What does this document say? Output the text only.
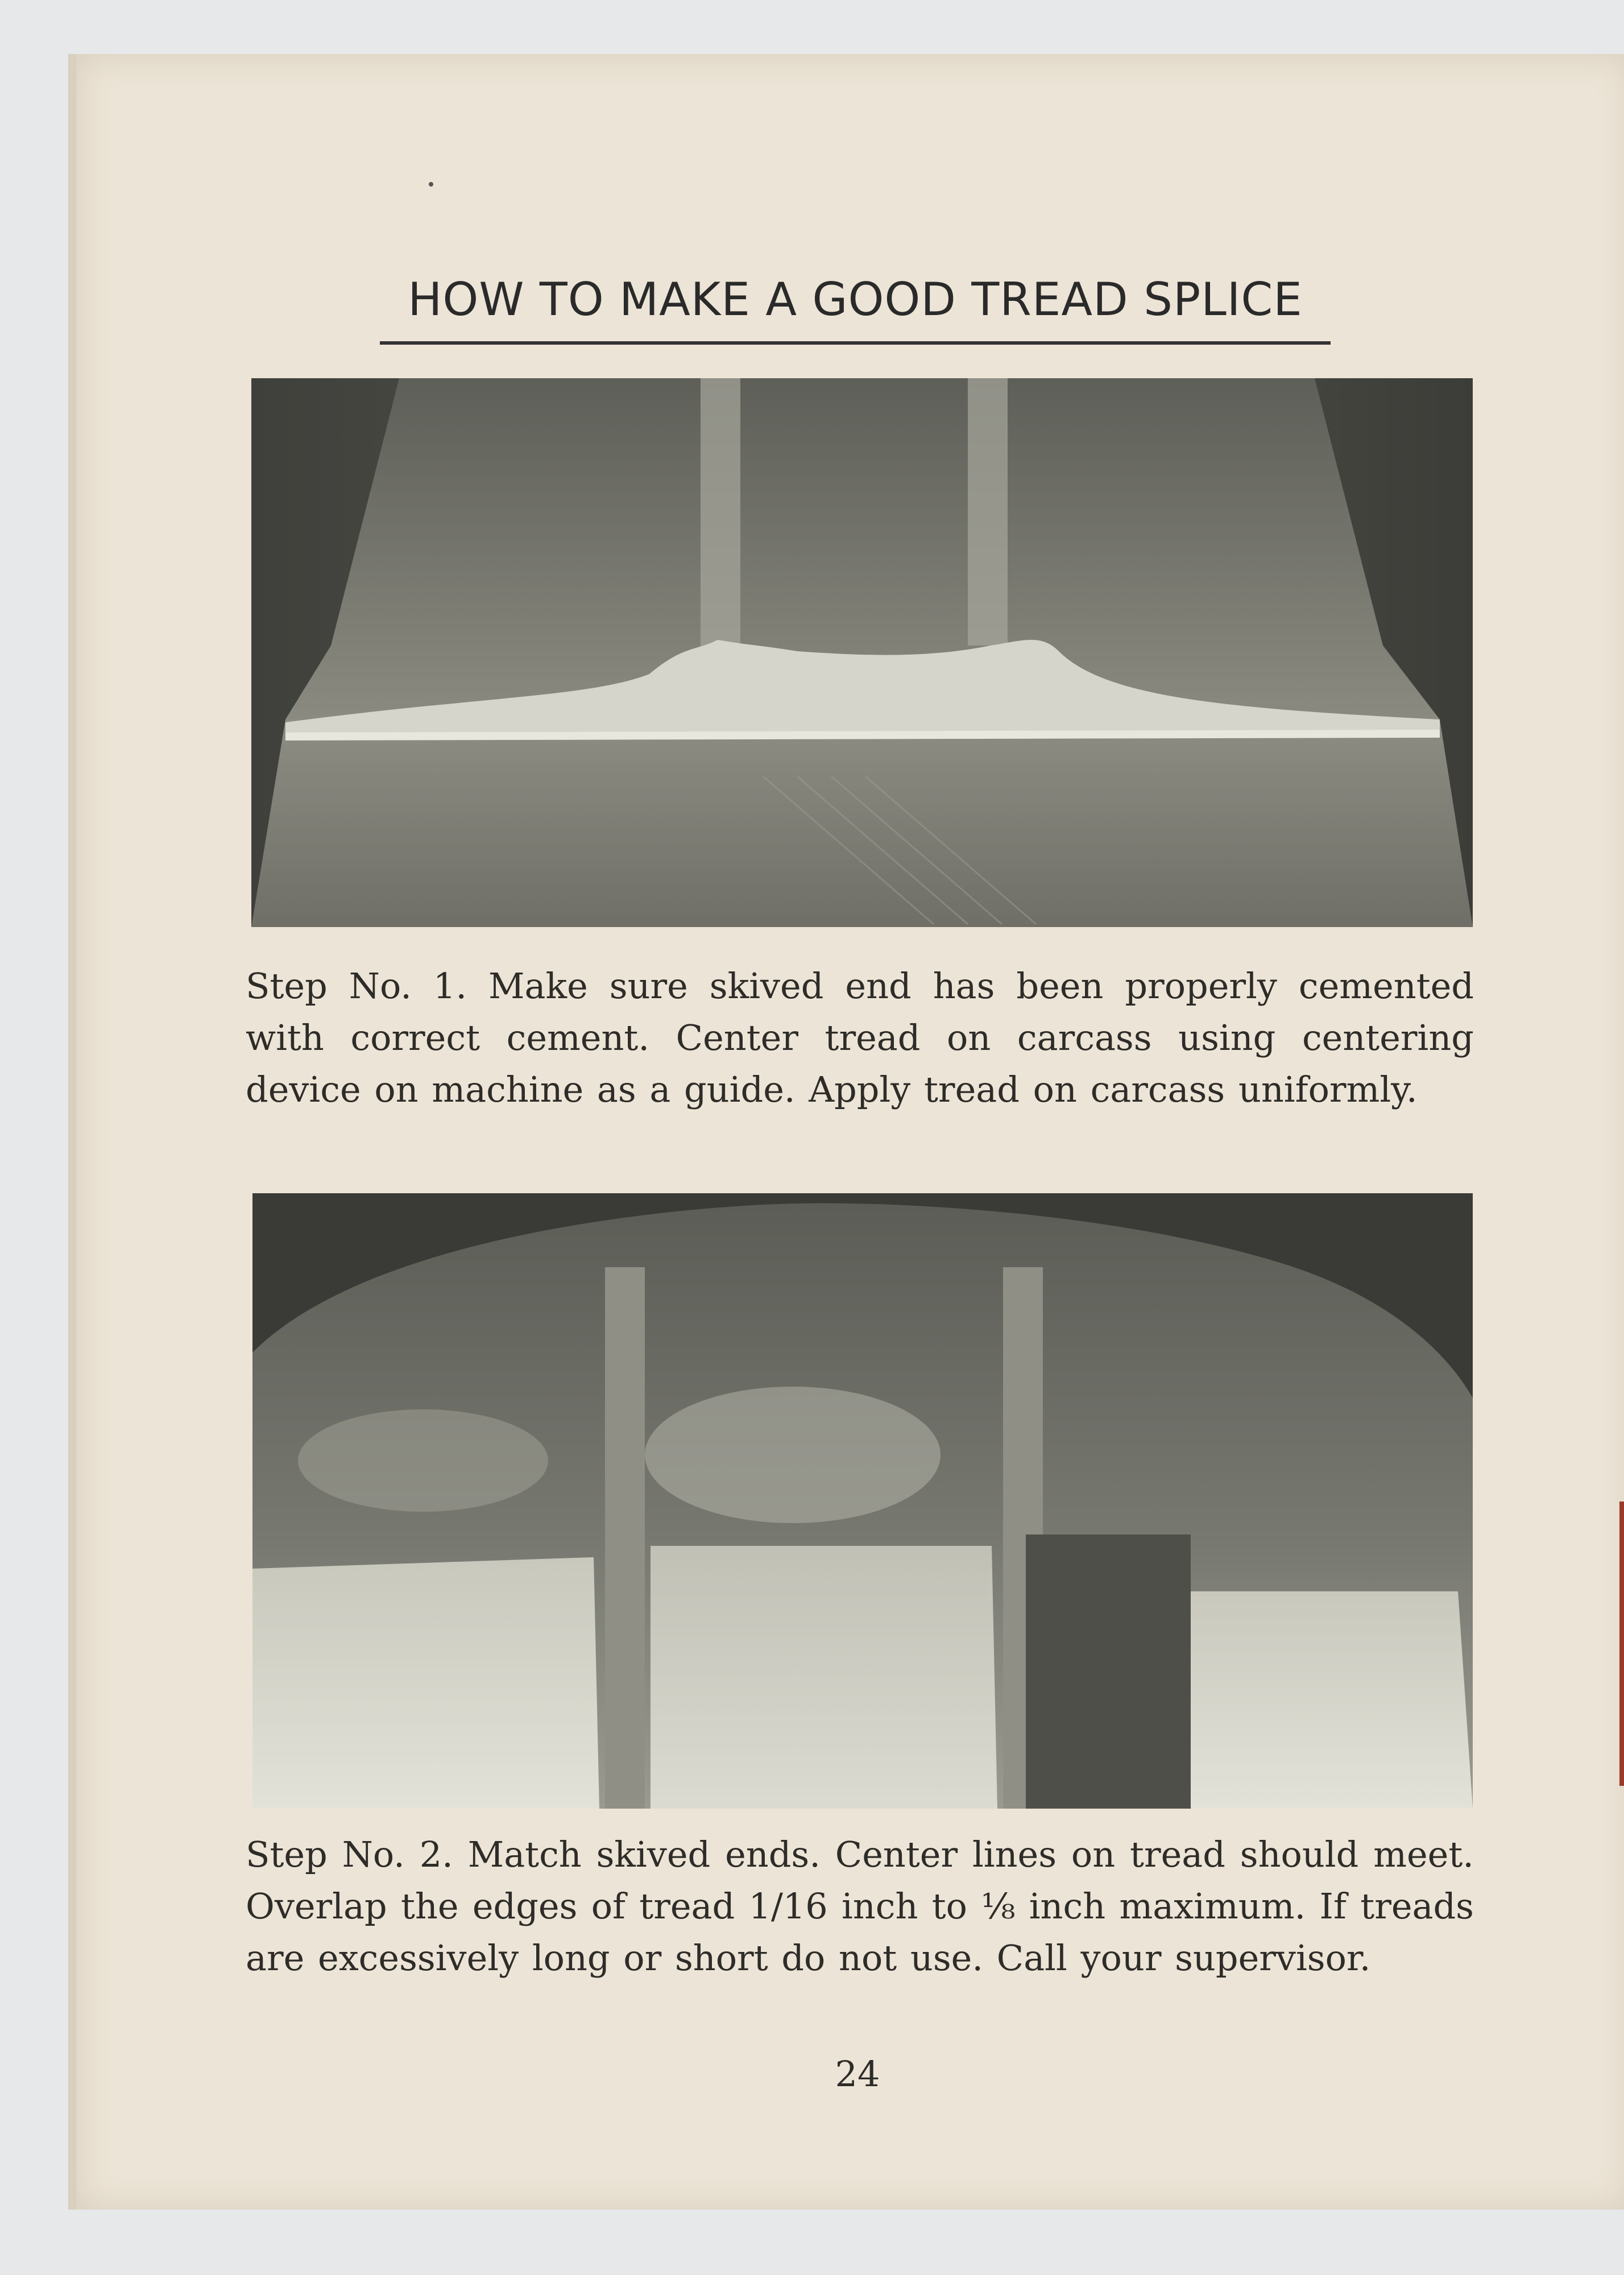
HOW TO MAKE A GOOD TREAD SPLICE

Step No. 1. Make sure skived end has been properly cemented with correct cement. Center tread on carcass using centering device on machine as a guide. Apply tread on carcass uniformly.

Step No. 2. Match skived ends. Center lines on tread should meet. Overlap the edges of tread 1/16 inch to ⅛ inch maximum. If treads are excessively long or short do not use. Call your supervisor.

24
